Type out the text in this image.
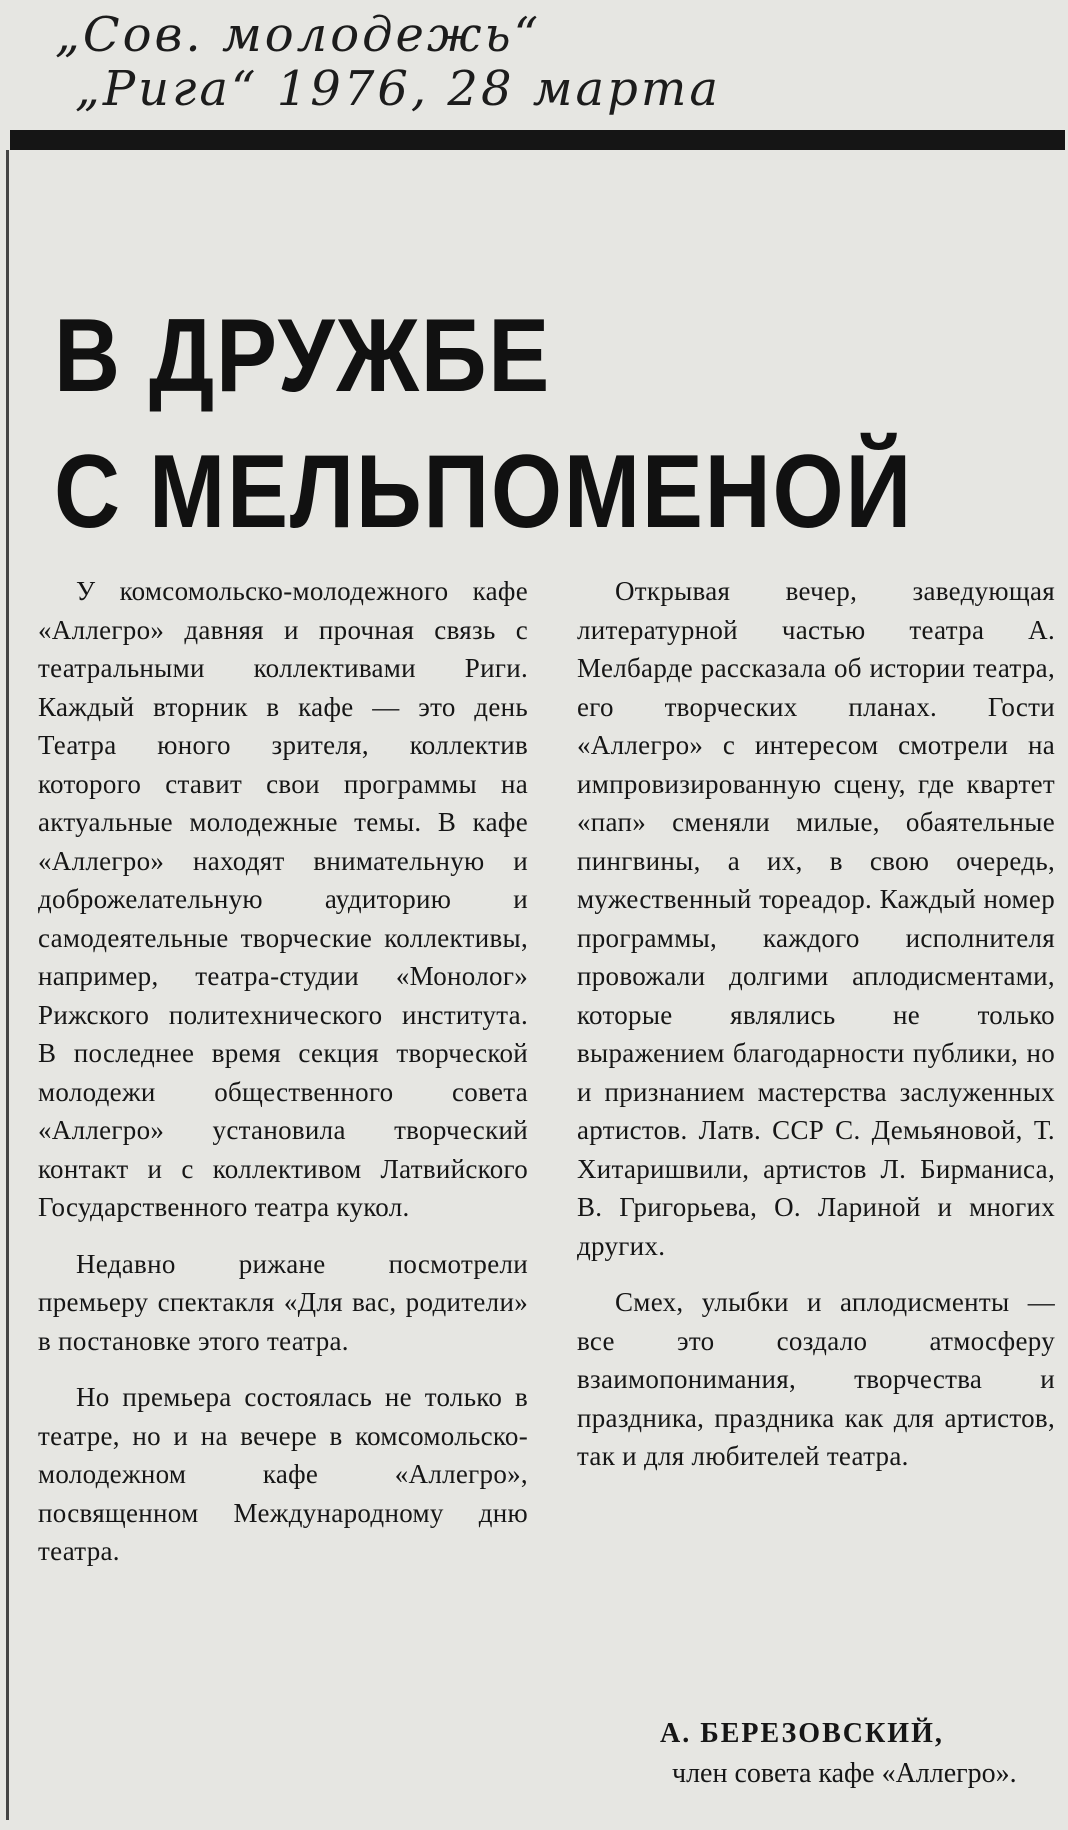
„Сов. молодежь“
„Рига“ 1976, 28 марта
В ДРУЖБЕ
С МЕЛЬПОМЕНОЙ

У комсомольско-молодежного кафе «Аллегро» давняя и прочная связь с театральными коллективами Риги. Каждый вторник в кафе — это день Театра юного зрителя, коллектив которого ставит свои программы на актуальные молодежные темы. В кафе «Аллегро» находят внимательную и доброжелательную аудиторию и самодеятельные творческие коллективы, например, театра-студии «Монолог» Рижского политехнического института. В последнее время секция творческой молодежи общественного совета «Аллегро» установила творческий контакт и с коллективом Латвийского Государственного театра кукол.

Недавно рижане посмотрели премьеру спектакля «Для вас, родители» в постановке этого театра.

Но премьера состоялась не только в театре, но и на вечере в комсомольско-молодежном кафе «Аллегро», посвященном Международному дню театра.

Открывая вечер, заведующая литературной частью театра А. Мелбарде рассказала об истории театра, его творческих планах. Гости «Аллегро» с интересом смотрели на импровизированную сцену, где квартет «пап» сменяли милые, обаятельные пингвины, а их, в свою очередь, мужественный тореадор. Каждый номер программы, каждого исполнителя провожали долгими аплодисментами, которые являлись не только выражением благодарности публики, но и признанием мастерства заслуженных артистов. Латв. ССР С. Демьяновой, Т. Хитаришвили, артистов Л. Бирманиса, В. Григорьева, О. Лариной и многих других.

Смех, улыбки и аплодисменты — все это создало атмосферу взаимопонимания, творчества и праздника, праздника как для артистов, так и для любителей театра.

А. БЕРЕЗОВСКИЙ,
член совета кафе «Аллегро».
